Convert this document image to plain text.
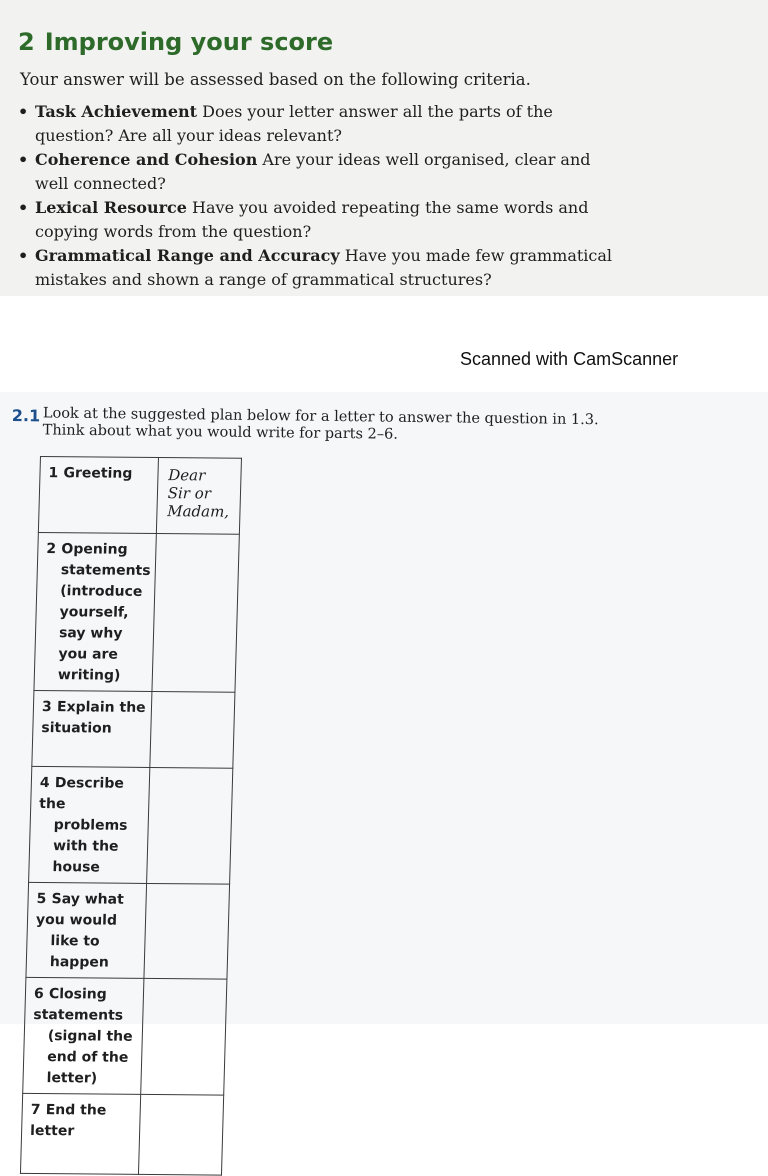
2 Improving your score
Your answer will be assessed based on the following criteria.
• Task Achievement Does your letter answer all the parts of the question? Are all your ideas relevant?
• Coherence and Cohesion Are your ideas well organised, clear and well connected?
• Lexical Resource Have you avoided repeating the same words and copying words from the question?
• Grammatical Range and Accuracy Have you made few grammatical mistakes and shown a range of grammatical structures?
Scanned with CamScanner
2.1 Look at the suggested plan below for a letter to answer the question in 1.3. Think about what you would write for parts 2–6.
1 Greeting	Dear Sir or Madam,
2 Opening
statements (introduce yourself, say why you are writing)	

3 Explain the situation	
4 Describe the
problems with the house	

5 Say what you would
like to happen	

6 Closing statements
(signal the end of the letter)	

7 End the letter	
